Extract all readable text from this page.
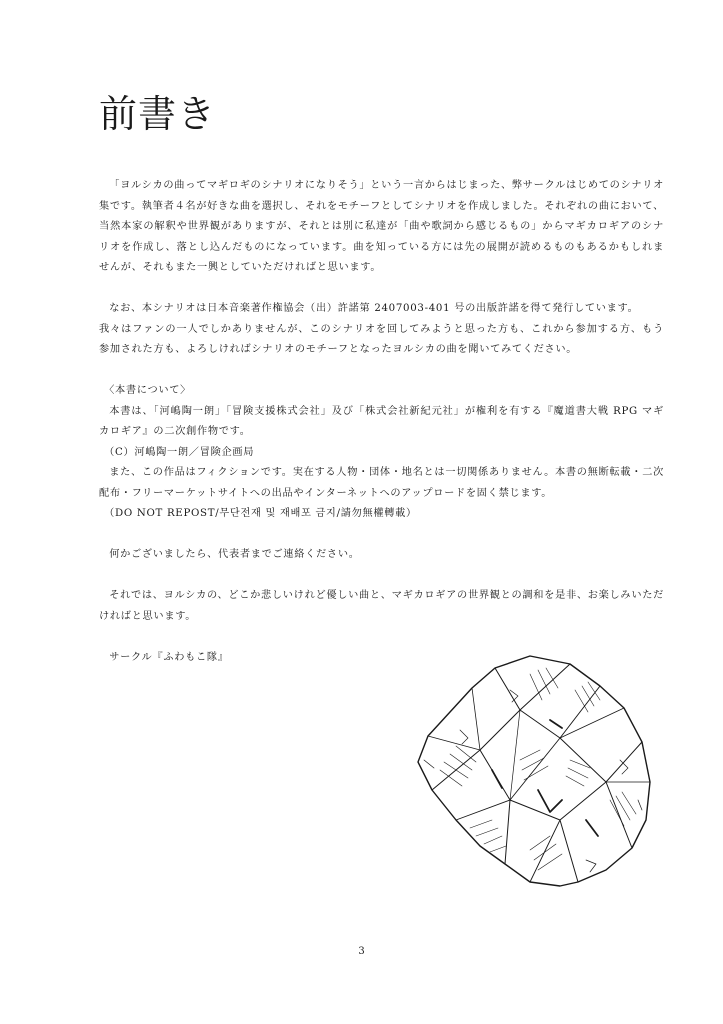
前書き

「ヨルシカの曲ってマギロギのシナリオになりそう」という一言からはじまった、弊サークルはじめてのシナリオ集です。執筆者４名が好きな曲を選択し、それをモチーフとしてシナリオを作成しました。それぞれの曲において、当然本家の解釈や世界観がありますが、それとは別に私達が「曲や歌詞から感じるもの」からマギカロギアのシナリオを作成し、落とし込んだものになっています。曲を知っている方には先の展開が読めるものもあるかもしれませんが、それもまた一興としていただければと思います。

なお、本シナリオは日本音楽著作権協会（出）許諾第 2407003-401 号の出版許諾を得て発行しています。

我々はファンの一人でしかありませんが、このシナリオを回してみようと思った方も、これから参加する方、もう参加された方も、よろしければシナリオのモチーフとなったヨルシカの曲を聞いてみてください。

〈本書について〉

本書は、「河嶋陶一朗」「冒険支援株式会社」及び「株式会社新紀元社」が権利を有する『魔道書大戦 RPG マギカロギア』の二次創作物です。

（C）河嶋陶一朗／冒険企画局

また、この作品はフィクションです。実在する人物・団体・地名とは一切関係ありません。本書の無断転載・二次配布・フリーマーケットサイトへの出品やインターネットへのアップロードを固く禁じます。

（DO NOT REPOST/무단전재 및 재배포 금지/請勿無權轉載）

何かございましたら、代表者までご連絡ください。

それでは、ヨルシカの、どこか悲しいけれど優しい曲と、マギカロギアの世界観との調和を是非、お楽しみいただければと思います。

サークル『ふわもこ隊』

3
